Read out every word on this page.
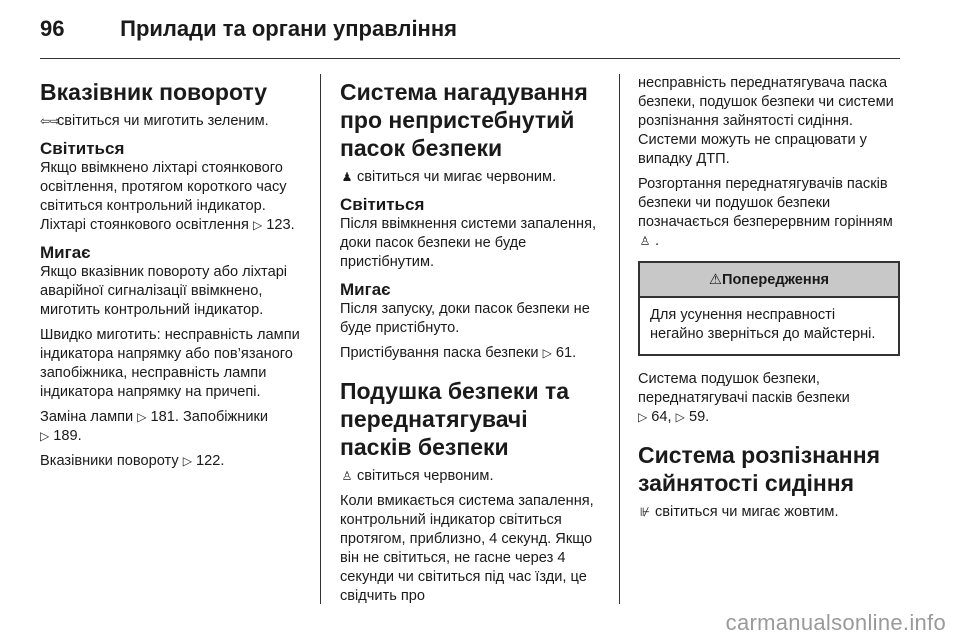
96	Прилади та органи управління
Вказівник повороту

⇦⇨світиться чи миготить зеленим.

Світиться

Якщо ввімкнено ліхтарі стоянкового освітлення, протягом короткого часу світиться контрольний індикатор. Ліхтарі стоянкового освітлення ▷ 123.

Мигає

Якщо вказівник повороту або ліхтарі аварійної сигналізації ввімкнено, миготить контрольний індикатор.

Швидко миготить: несправність лампи індикатора напрямку або пов’язаного запобіжника, несправність лампи індикатора напрямку на причепі.

Заміна лампи ▷ 181. Запобіжники
▷ 189.

Вказівники повороту ▷ 122.

Система нагадування про непристебнутий пасок безпеки

♟ світиться чи мигає червоним.

Світиться

Після ввімкнення системи запалення, доки пасок безпеки не буде пристібнутим.

Мигає

Після запуску, доки пасок безпеки не буде пристібнуто.

Пристібування паска безпеки ▷ 61.

Подушка безпеки та переднатягувачі пасків безпеки

♙ світиться червоним.

Коли вмикається система запалення, контрольний індикатор світиться протягом, приблизно, 4 секунд. Якщо він не світиться, не гасне через 4 секунди чи світиться під час їзди, це свідчить про

несправність переднатягувача паска безпеки, подушок безпеки чи системи розпізнання зайнятості сидіння. Системи можуть не спрацювати у випадку ДТП.

Розгортання переднатягувачів пасків безпеки чи подушок безпеки позначається безперервним горінням ♙ .

⚠Попередження

Для усунення несправності негайно зверніться до майстерні.

Система подушок безпеки, переднатягувачі пасків безпеки
▷ 64, ▷ 59.

Система розпізнання зайнятості сидіння

⊮ світиться чи мигає жовтим.

carmanualsonline.info
